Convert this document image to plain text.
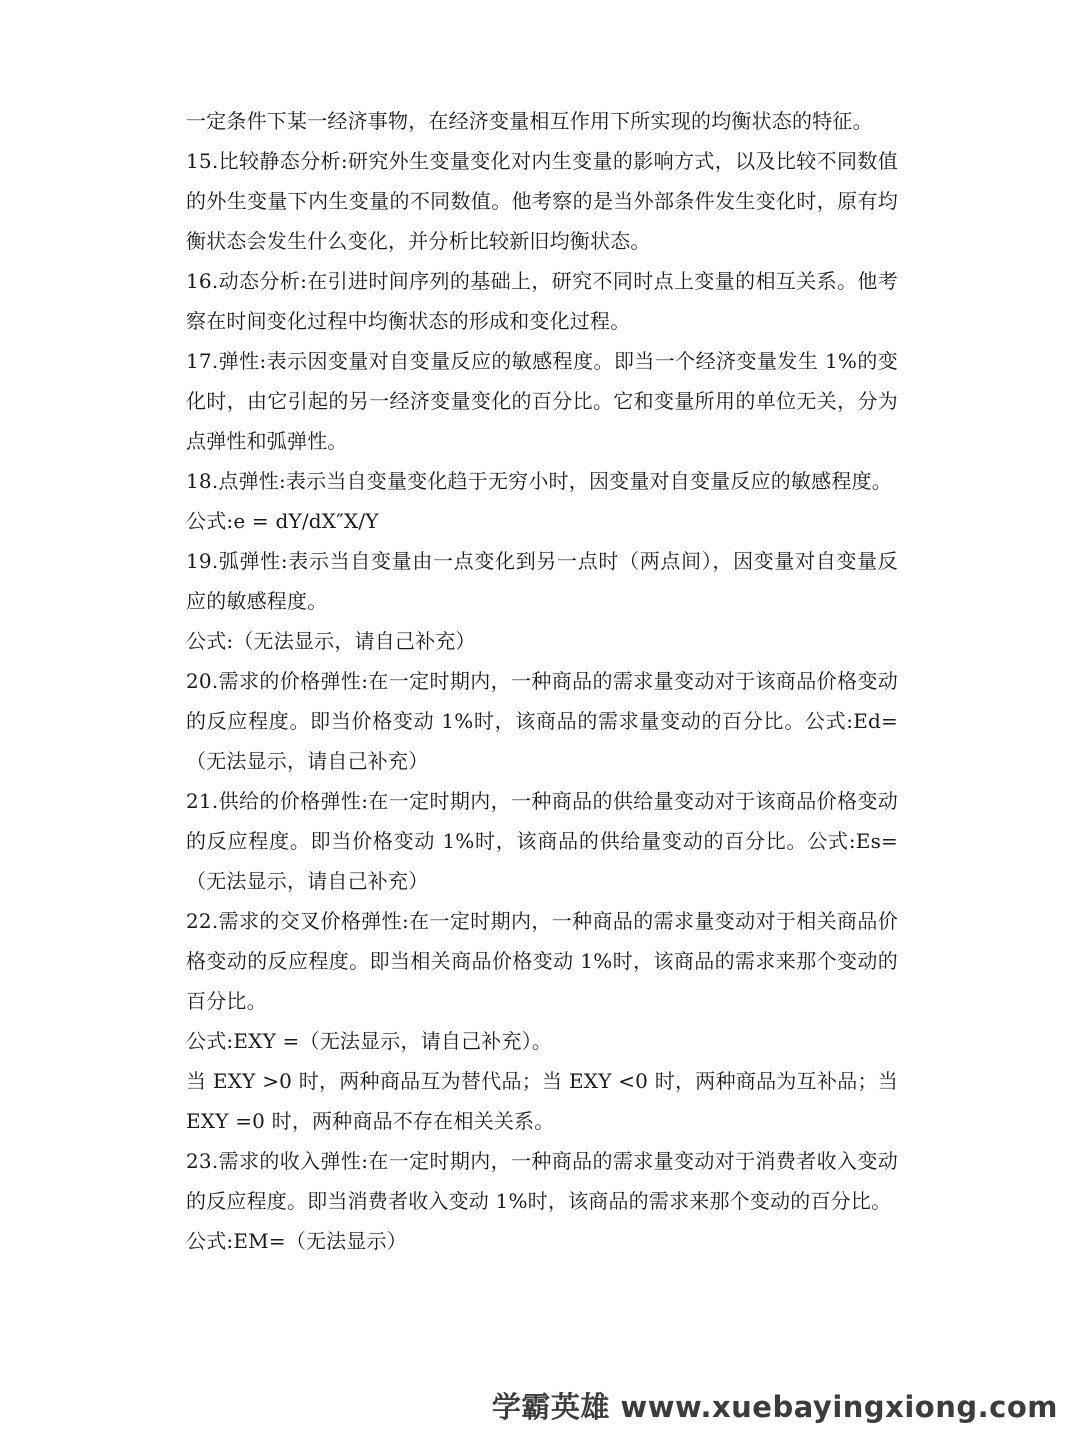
一定条件下某一经济事物，在经济变量相互作用下所实现的均衡状态的特征。

15.比较静态分析:研究外生变量变化对内生变量的影响方式，以及比较不同数值的外生变量下内生变量的不同数值。他考察的是当外部条件发生变化时，原有均衡状态会发生什么变化，并分析比较新旧均衡状态。

16.动态分析:在引进时间序列的基础上，研究不同时点上变量的相互关系。他考察在时间变化过程中均衡状态的形成和变化过程。

17.弹性:表示因变量对自变量反应的敏感程度。即当一个经济变量发生 1%的变化时，由它引起的另一经济变量变化的百分比。它和变量所用的单位无关，分为点弹性和弧弹性。

18.点弹性:表示当自变量变化趋于无穷小时，因变量对自变量反应的敏感程度。

公式:e = dY/dX″X/Y

19.弧弹性:表示当自变量由一点变化到另一点时（两点间），因变量对自变量反应的敏感程度。

公式:（无法显示，请自己补充）

20.需求的价格弹性:在一定时期内，一种商品的需求量变动对于该商品价格变动的反应程度。即当价格变动 1%时，该商品的需求量变动的百分比。公式:Ed=（无法显示，请自己补充）

21.供给的价格弹性:在一定时期内，一种商品的供给量变动对于该商品价格变动的反应程度。即当价格变动 1%时，该商品的供给量变动的百分比。公式:Es=（无法显示，请自己补充）

22.需求的交叉价格弹性:在一定时期内，一种商品的需求量变动对于相关商品价格变动的反应程度。即当相关商品价格变动 1%时，该商品的需求来那个变动的百分比。

公式:EXY =（无法显示，请自己补充）。

当 EXY >0 时，两种商品互为替代品；当 EXY <0 时，两种商品为互补品；当 EXY =0 时，两种商品不存在相关关系。

23.需求的收入弹性:在一定时期内，一种商品的需求量变动对于消费者收入变动的反应程度。即当消费者收入变动 1%时，该商品的需求来那个变动的百分比。

公式:EM=（无法显示）

学霸英雄 www.xuebayingxiong.com
